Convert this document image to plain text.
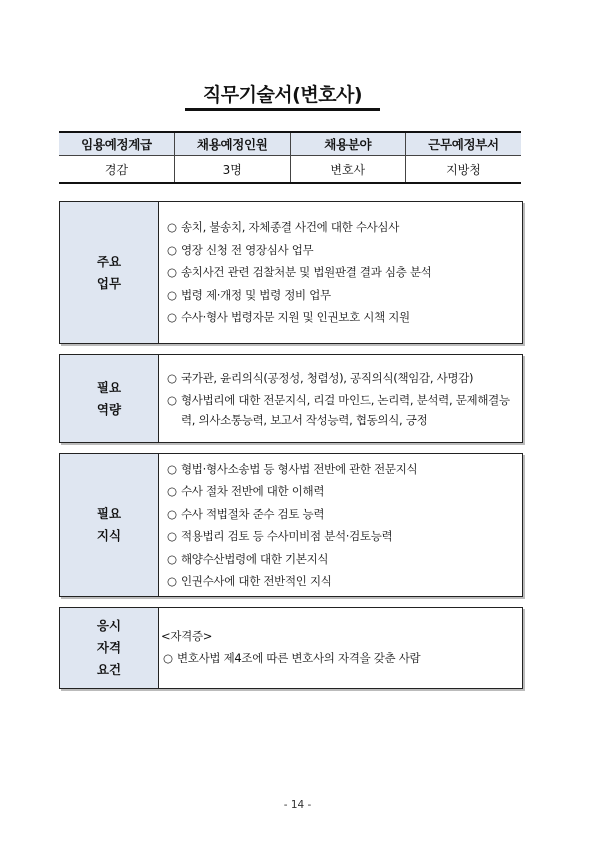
직무기술서(변호사)
임용예정계급	채용예정인원	채용분야	근무예정부서
경감	3명	변호사	지방청
주요
업무
○ 송치, 불송치, 자체종결 사건에 대한 수사심사
○ 영장 신청 전 영장심사 업무
○ 송치사건 관련 검찰처분 및 법원판결 결과 심층 분석
○ 법령 제·개정 및 법령 정비 업무
○ 수사·형사 법령자문 지원 및 인권보호 시책 지원
필요
역량
○ 국가관, 윤리의식(공정성, 청렴성), 공직의식(책임감, 사명감)
○ 형사법리에 대한 전문지식, 리걸 마인드, 논리력, 분석력, 문제해결능력, 의사소통능력, 보고서 작성능력, 협동의식, 긍정
필요
지식
○ 형법·형사소송법 등 형사법 전반에 관한 전문지식
○ 수사 절차 전반에 대한 이해력
○ 수사 적법절차 준수 검토 능력
○ 적용법리 검토 등 수사미비점 분석·검토능력
○ 해양수산법령에 대한 기본지식
○ 인권수사에 대한 전반적인 지식
응시
자격
요건
<자격증>
○ 변호사법 제4조에 따른 변호사의 자격을 갖춘 사람
- 14 -
